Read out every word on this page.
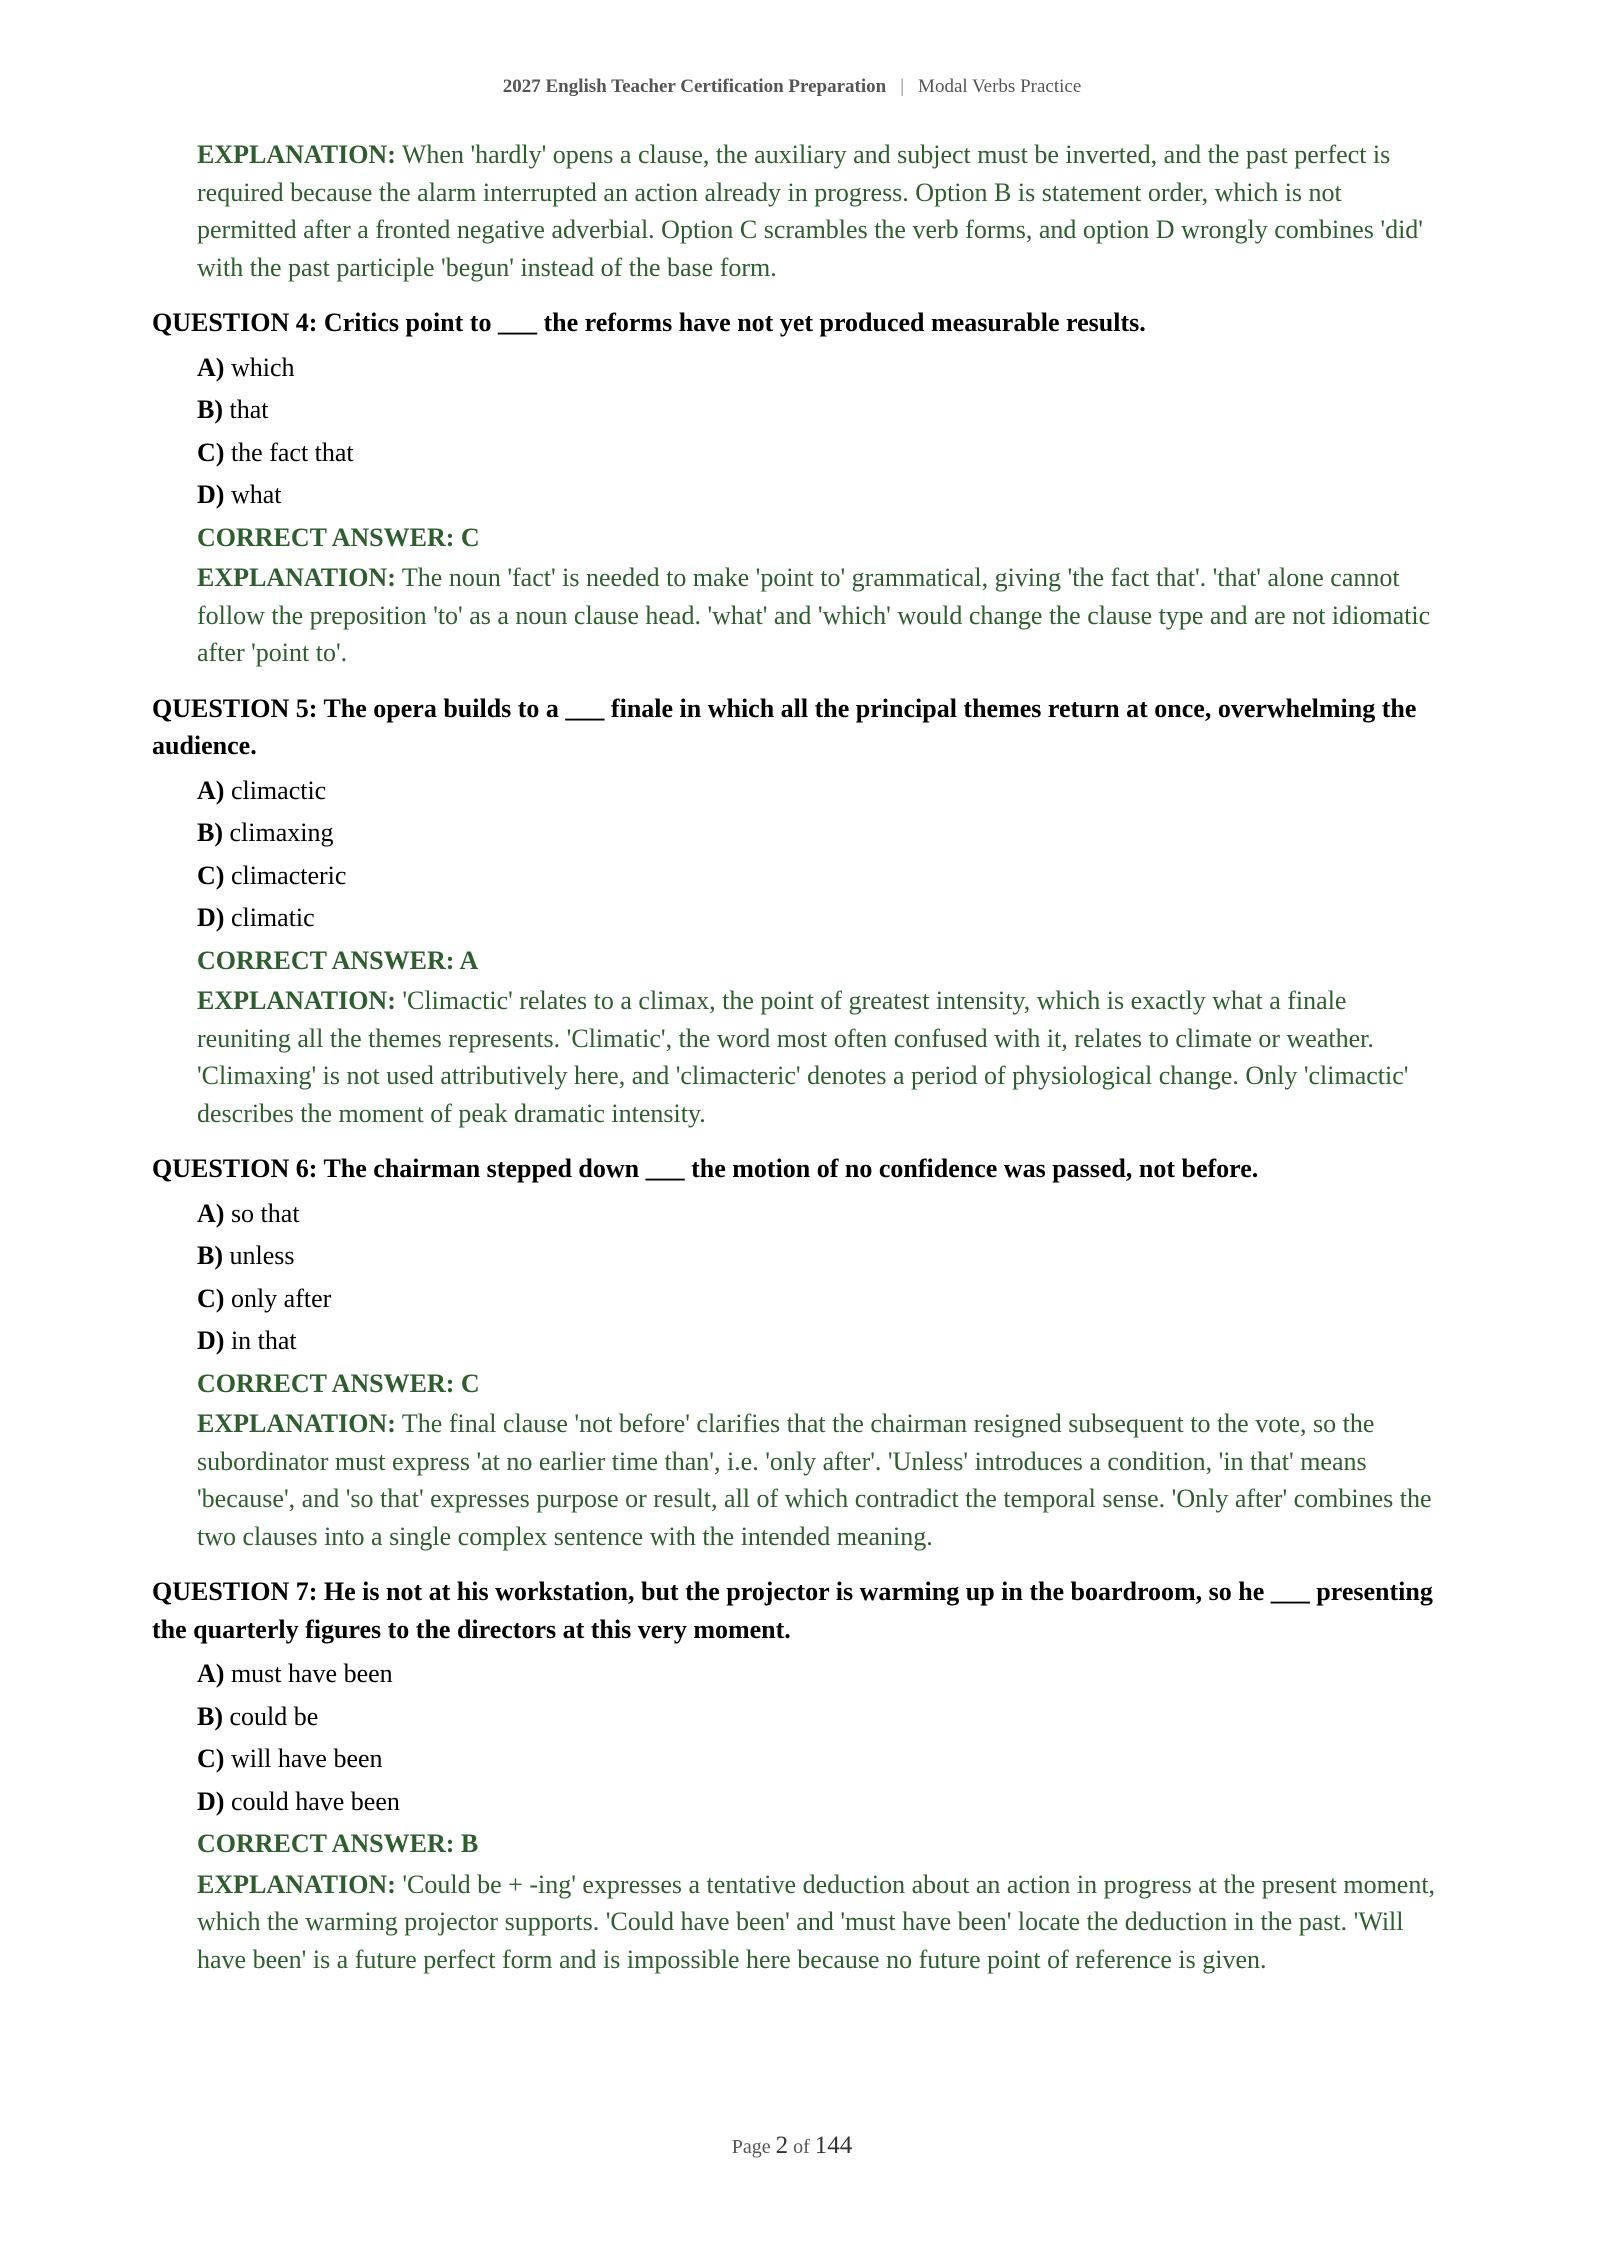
2027 English Teacher Certification Preparation | Modal Verbs Practice
EXPLANATION: When 'hardly' opens a clause, the auxiliary and subject must be inverted, and the past perfect is required because the alarm interrupted an action already in progress. Option B is statement order, which is not permitted after a fronted negative adverbial. Option C scrambles the verb forms, and option D wrongly combines 'did' with the past participle 'begun' instead of the base form.
QUESTION 4: Critics point to ___ the reforms have not yet produced measurable results.
A) which
B) that
C) the fact that
D) what
CORRECT ANSWER: C
EXPLANATION: The noun 'fact' is needed to make 'point to' grammatical, giving 'the fact that'. 'that' alone cannot follow the preposition 'to' as a noun clause head. 'what' and 'which' would change the clause type and are not idiomatic after 'point to'.
QUESTION 5: The opera builds to a ___ finale in which all the principal themes return at once, overwhelming the audience.
A) climactic
B) climaxing
C) climacteric
D) climatic
CORRECT ANSWER: A
EXPLANATION: 'Climactic' relates to a climax, the point of greatest intensity, which is exactly what a finale reuniting all the themes represents. 'Climatic', the word most often confused with it, relates to climate or weather. 'Climaxing' is not used attributively here, and 'climacteric' denotes a period of physiological change. Only 'climactic' describes the moment of peak dramatic intensity.
QUESTION 6: The chairman stepped down ___ the motion of no confidence was passed, not before.
A) so that
B) unless
C) only after
D) in that
CORRECT ANSWER: C
EXPLANATION: The final clause 'not before' clarifies that the chairman resigned subsequent to the vote, so the subordinator must express 'at no earlier time than', i.e. 'only after'. 'Unless' introduces a condition, 'in that' means 'because', and 'so that' expresses purpose or result, all of which contradict the temporal sense. 'Only after' combines the two clauses into a single complex sentence with the intended meaning.
QUESTION 7: He is not at his workstation, but the projector is warming up in the boardroom, so he ___ presenting the quarterly figures to the directors at this very moment.
A) must have been
B) could be
C) will have been
D) could have been
CORRECT ANSWER: B
EXPLANATION: 'Could be + -ing' expresses a tentative deduction about an action in progress at the present moment, which the warming projector supports. 'Could have been' and 'must have been' locate the deduction in the past. 'Will have been' is a future perfect form and is impossible here because no future point of reference is given.
Page 2 of 144
